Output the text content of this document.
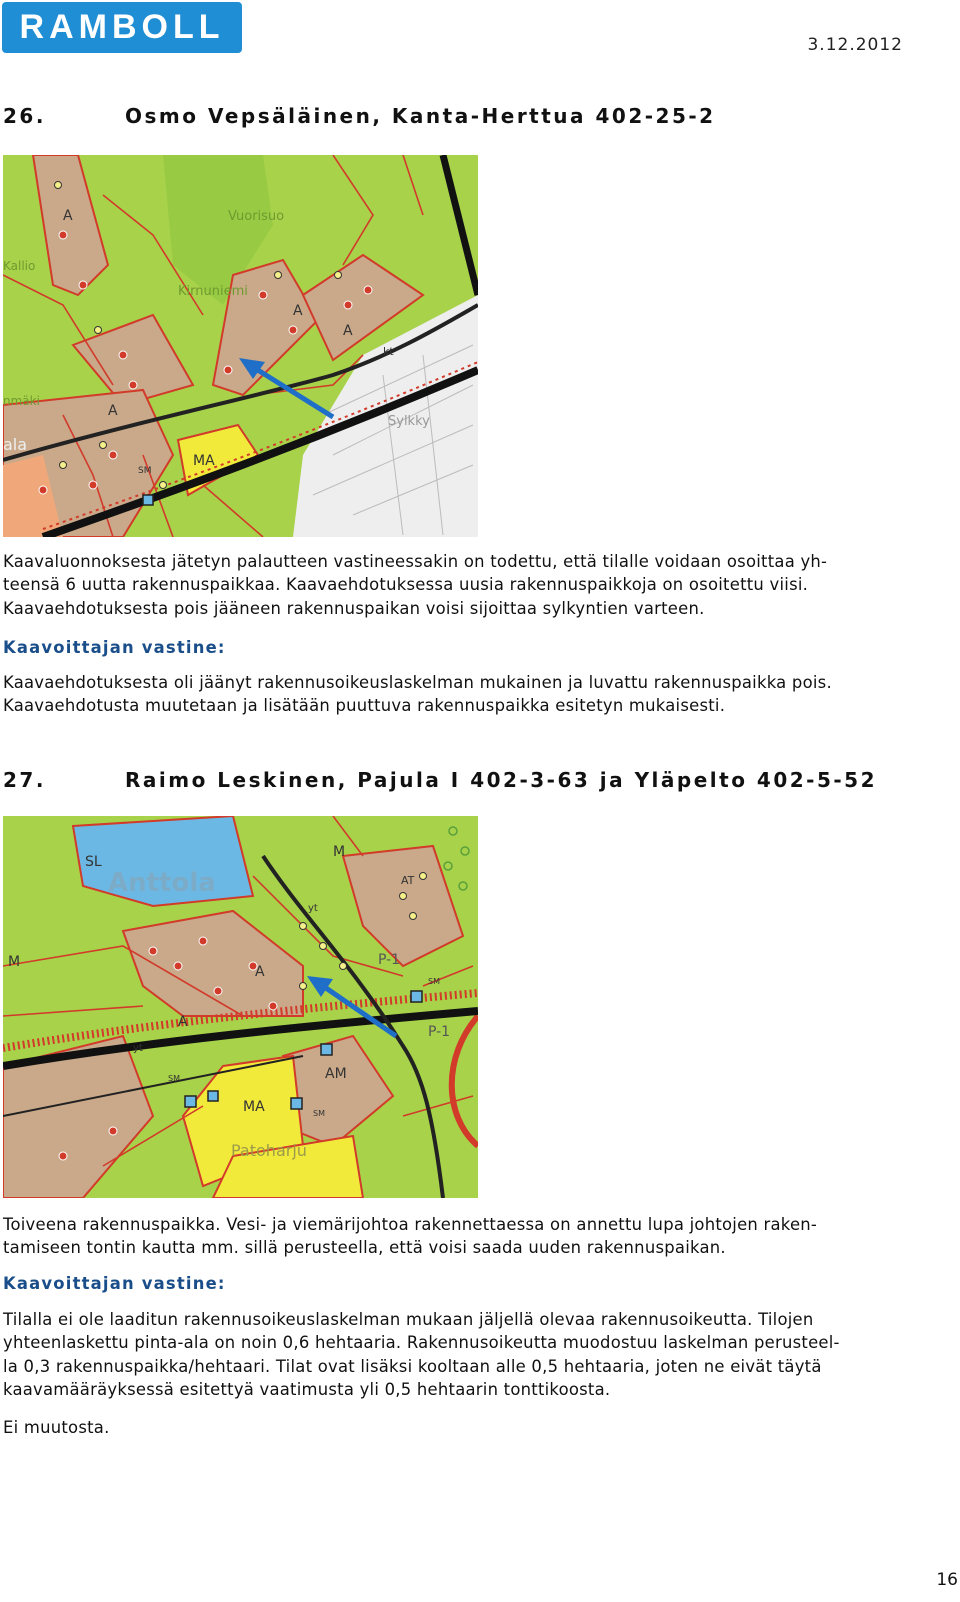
RAMBOLL	3.12.2012
26.	Osmo Vepsäläinen, Kanta-Herttua 402-25-2
A
A
A
A
MA
SM
kt
Vuorisuo
Kirnuniemi
Sylkky
ala
Kallio
nmäki

Kaavaluonnoksesta jätetyn palautteen vastineessakin on todettu, että tilalle voidaan osoittaa yh-
teensä 6 uutta rakennuspaikkaa. Kaavaehdotuksessa uusia rakennuspaikkoja on osoitettu viisi.
Kaavaehdotuksesta pois jääneen rakennuspaikan voisi sijoittaa sylkyntien varteen.

Kaavoittajan vastine:

Kaavaehdotuksesta oli jäänyt rakennusoikeuslaskelman mukainen ja luvattu rakennuspaikka pois.
Kaavaehdotusta muutetaan ja lisätään puuttuva rakennuspaikka esitetyn mukaisesti.

27.	Raimo Leskinen, Pajula I 402-3-63 ja Yläpelto 402-5-52
SL
Anttola
M
M
A
A
AT
P-1
P-1
AM
MA
SM
SM
SM
yt
yt
Patoharju

Toiveena rakennuspaikka. Vesi- ja viemärijohtoa rakennettaessa on annettu lupa johtojen raken-
tamiseen tontin kautta mm. sillä perusteella, että voisi saada uuden rakennuspaikan.

Kaavoittajan vastine:

Tilalla ei ole laaditun rakennusoikeuslaskelman mukaan jäljellä olevaa rakennusoikeutta. Tilojen
yhteenlaskettu pinta-ala on noin 0,6 hehtaaria. Rakennusoikeutta muodostuu laskelman perusteel-
la 0,3 rakennuspaikka/hehtaari. Tilat ovat lisäksi kooltaan alle 0,5 hehtaaria, joten ne eivät täytä
kaavamääräyksessä esitettyä vaatimusta yli 0,5 hehtaarin tonttikoosta.

Ei muutosta.

16
